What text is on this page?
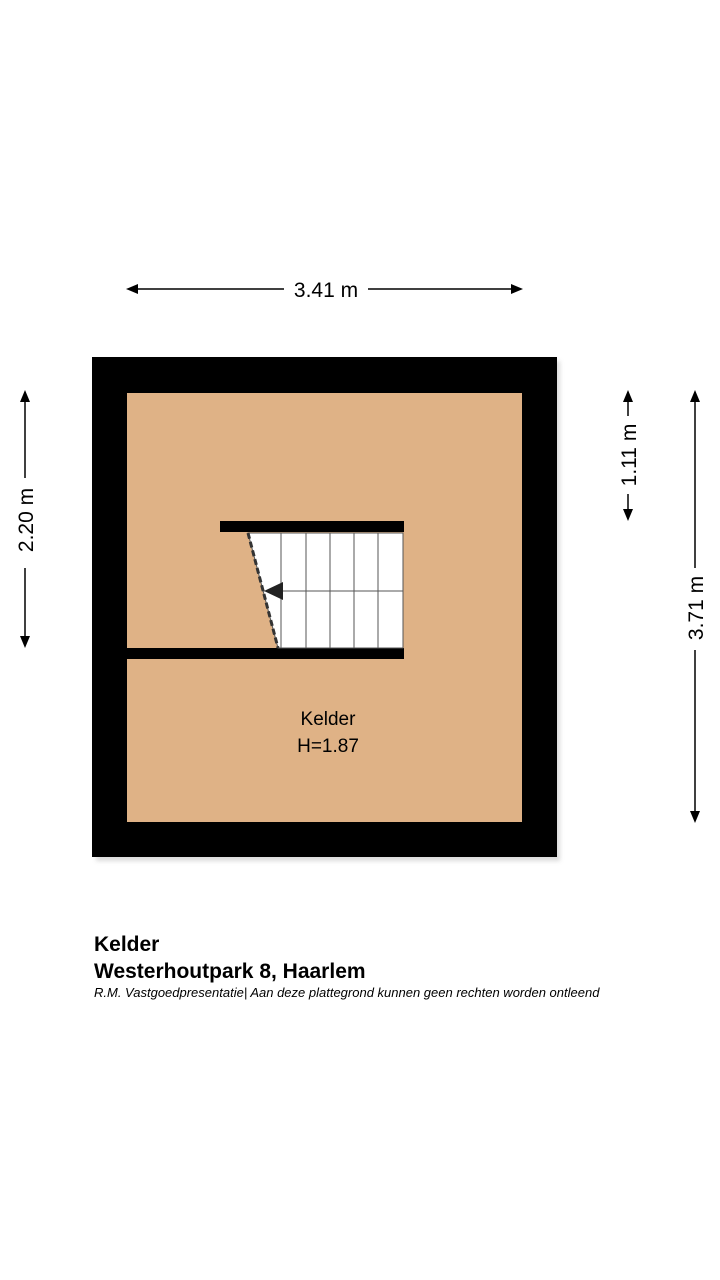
Kelder
H=1.87
3.41 m
2.20 m
1.11 m
3.71 m

Kelder

Westerhoutpark 8, Haarlem

R.M. Vastgoedpresentatie| Aan deze plattegrond kunnen geen rechten worden ontleend
